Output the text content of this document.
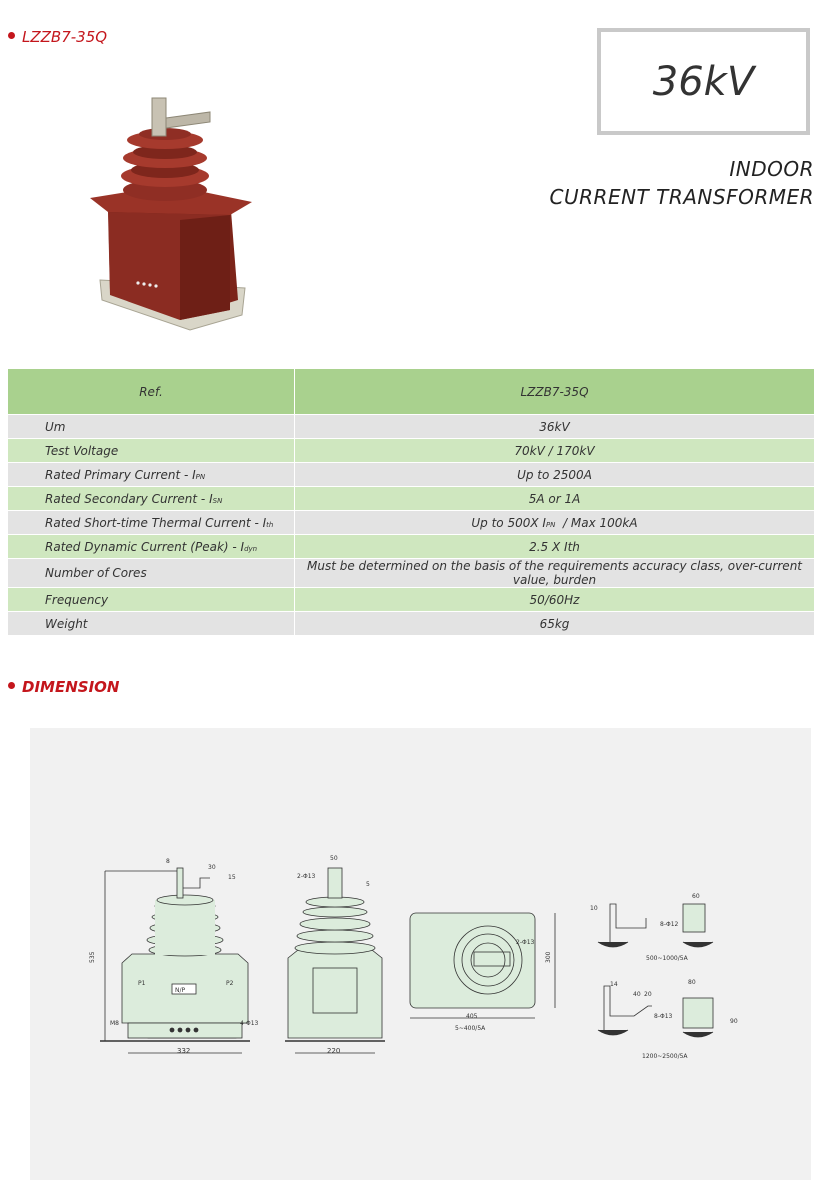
LZZB7-35Q
36kV
INDOOR
CURRENT TRANSFORMER
Ref.	LZZB7-35Q
Um	36kV
Test Voltage	70kV / 170kV
Rated Primary Current - IPN	Up to 2500A
Rated Secondary Current - ISN	5A or 1A
Rated Short-time Thermal Current - Ith	Up to 500X IPN  / Max 100kA
Rated Dynamic Current (Peak) - Idyn	2.5 X Ith
Number of Cores	Must be determined on the basis of the requirements accuracy class, over-current value, burden
Frequency	50/60Hz
Weight	65kg
DIMENSION
N/P
P1	P2
535
332
M8	4-Φ13
8
30
15
220
50
2-Φ13
5
2-Φ13
405
300
5~400/5A
10
60
8-Φ12
500~1000/5A
14
40 20
80
90
8-Φ13
1200~2500/5A
